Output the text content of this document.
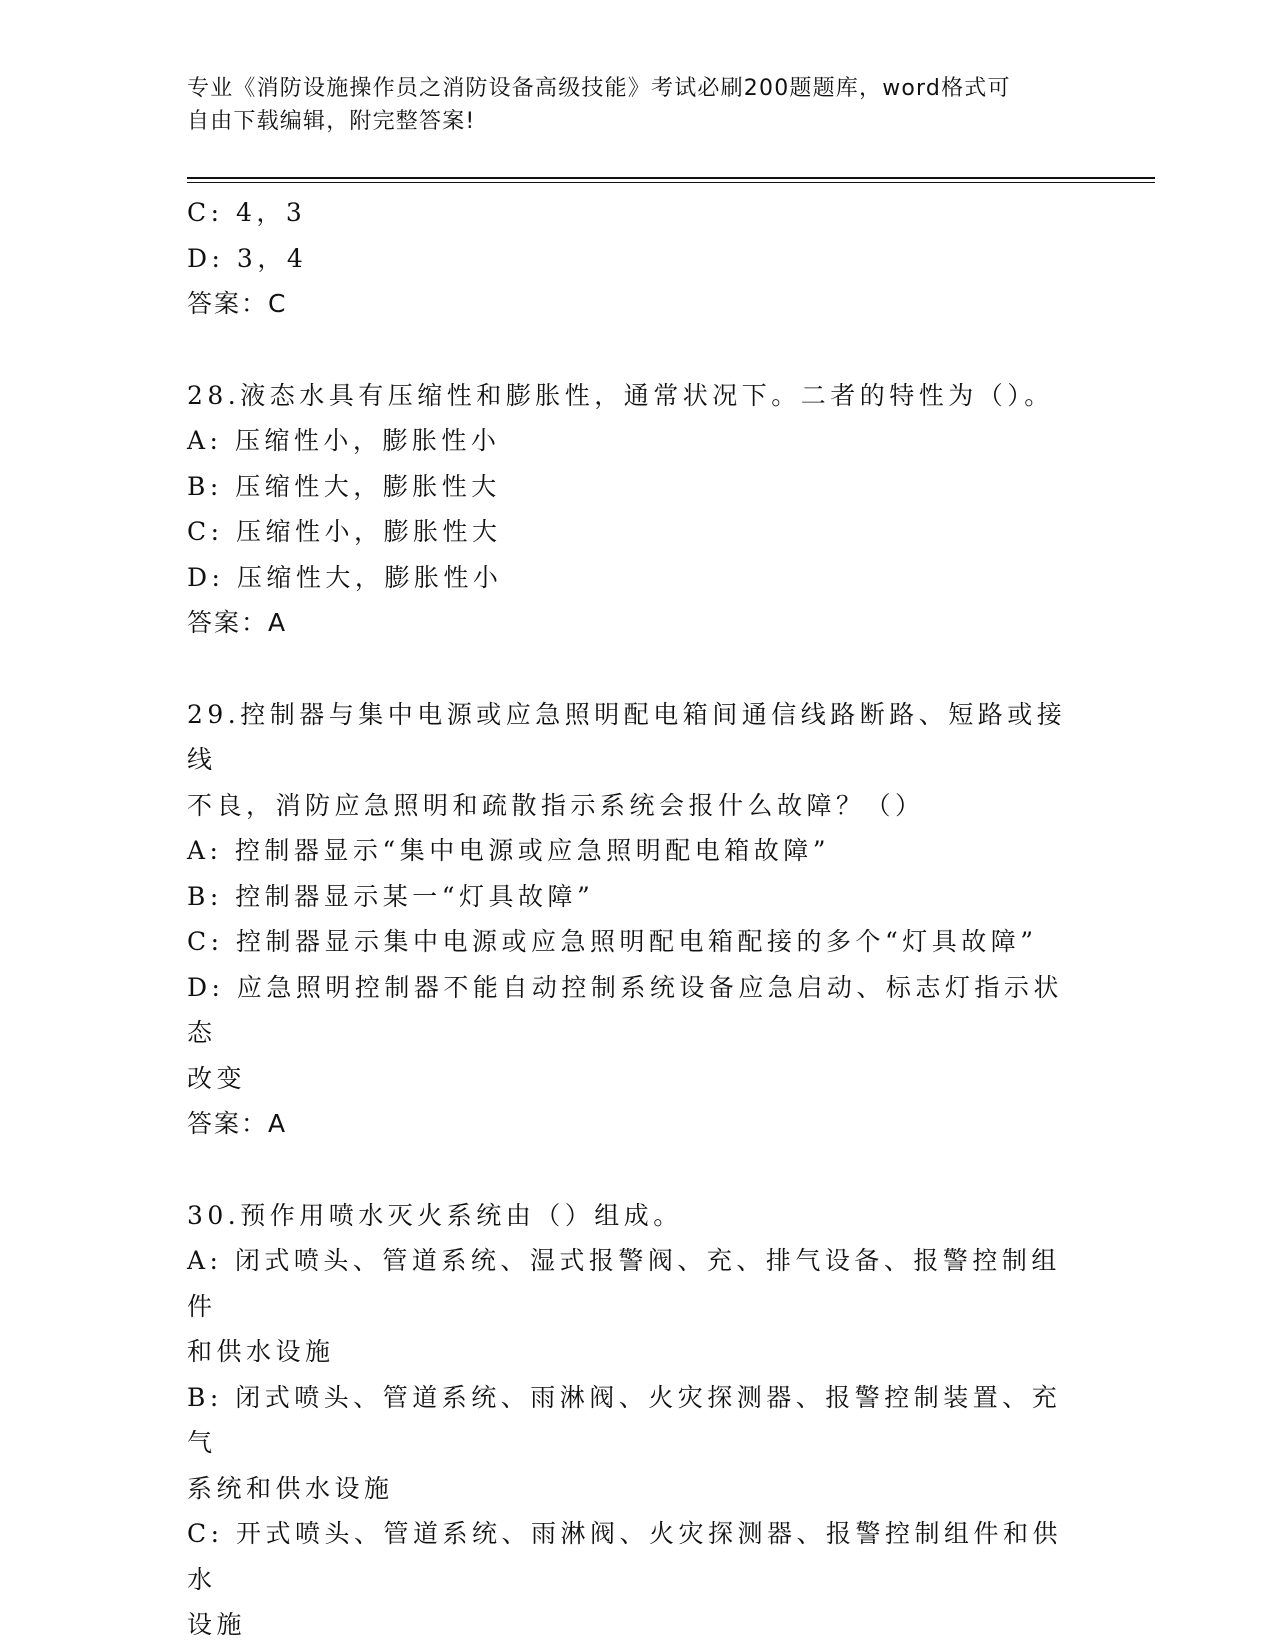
专业《消防设施操作员之消防设备高级技能》考试必刷200题题库，word格式可
自由下载编辑，附完整答案!
C: 4，3
D: 3，4
答案：C
28.液态水具有压缩性和膨胀性，通常状况下。二者的特性为（）。
A: 压缩性小，膨胀性小
B: 压缩性大，膨胀性大
C: 压缩性小，膨胀性大
D: 压缩性大，膨胀性小
答案：A
29.控制器与集中电源或应急照明配电箱间通信线路断路、短路或接线
不良，消防应急照明和疏散指示系统会报什么故障？（）
A: 控制器显示“集中电源或应急照明配电箱故障”
B: 控制器显示某一“灯具故障”
C: 控制器显示集中电源或应急照明配电箱配接的多个“灯具故障”
D: 应急照明控制器不能自动控制系统设备应急启动、标志灯指示状态
改变
答案：A
30.预作用喷水灭火系统由（）组成。
A: 闭式喷头、管道系统、湿式报警阀、充、排气设备、报警控制组件
和供水设施
B: 闭式喷头、管道系统、雨淋阀、火灾探测器、报警控制装置、充气
系统和供水设施
C: 开式喷头、管道系统、雨淋阀、火灾探测器、报警控制组件和供水
设施
